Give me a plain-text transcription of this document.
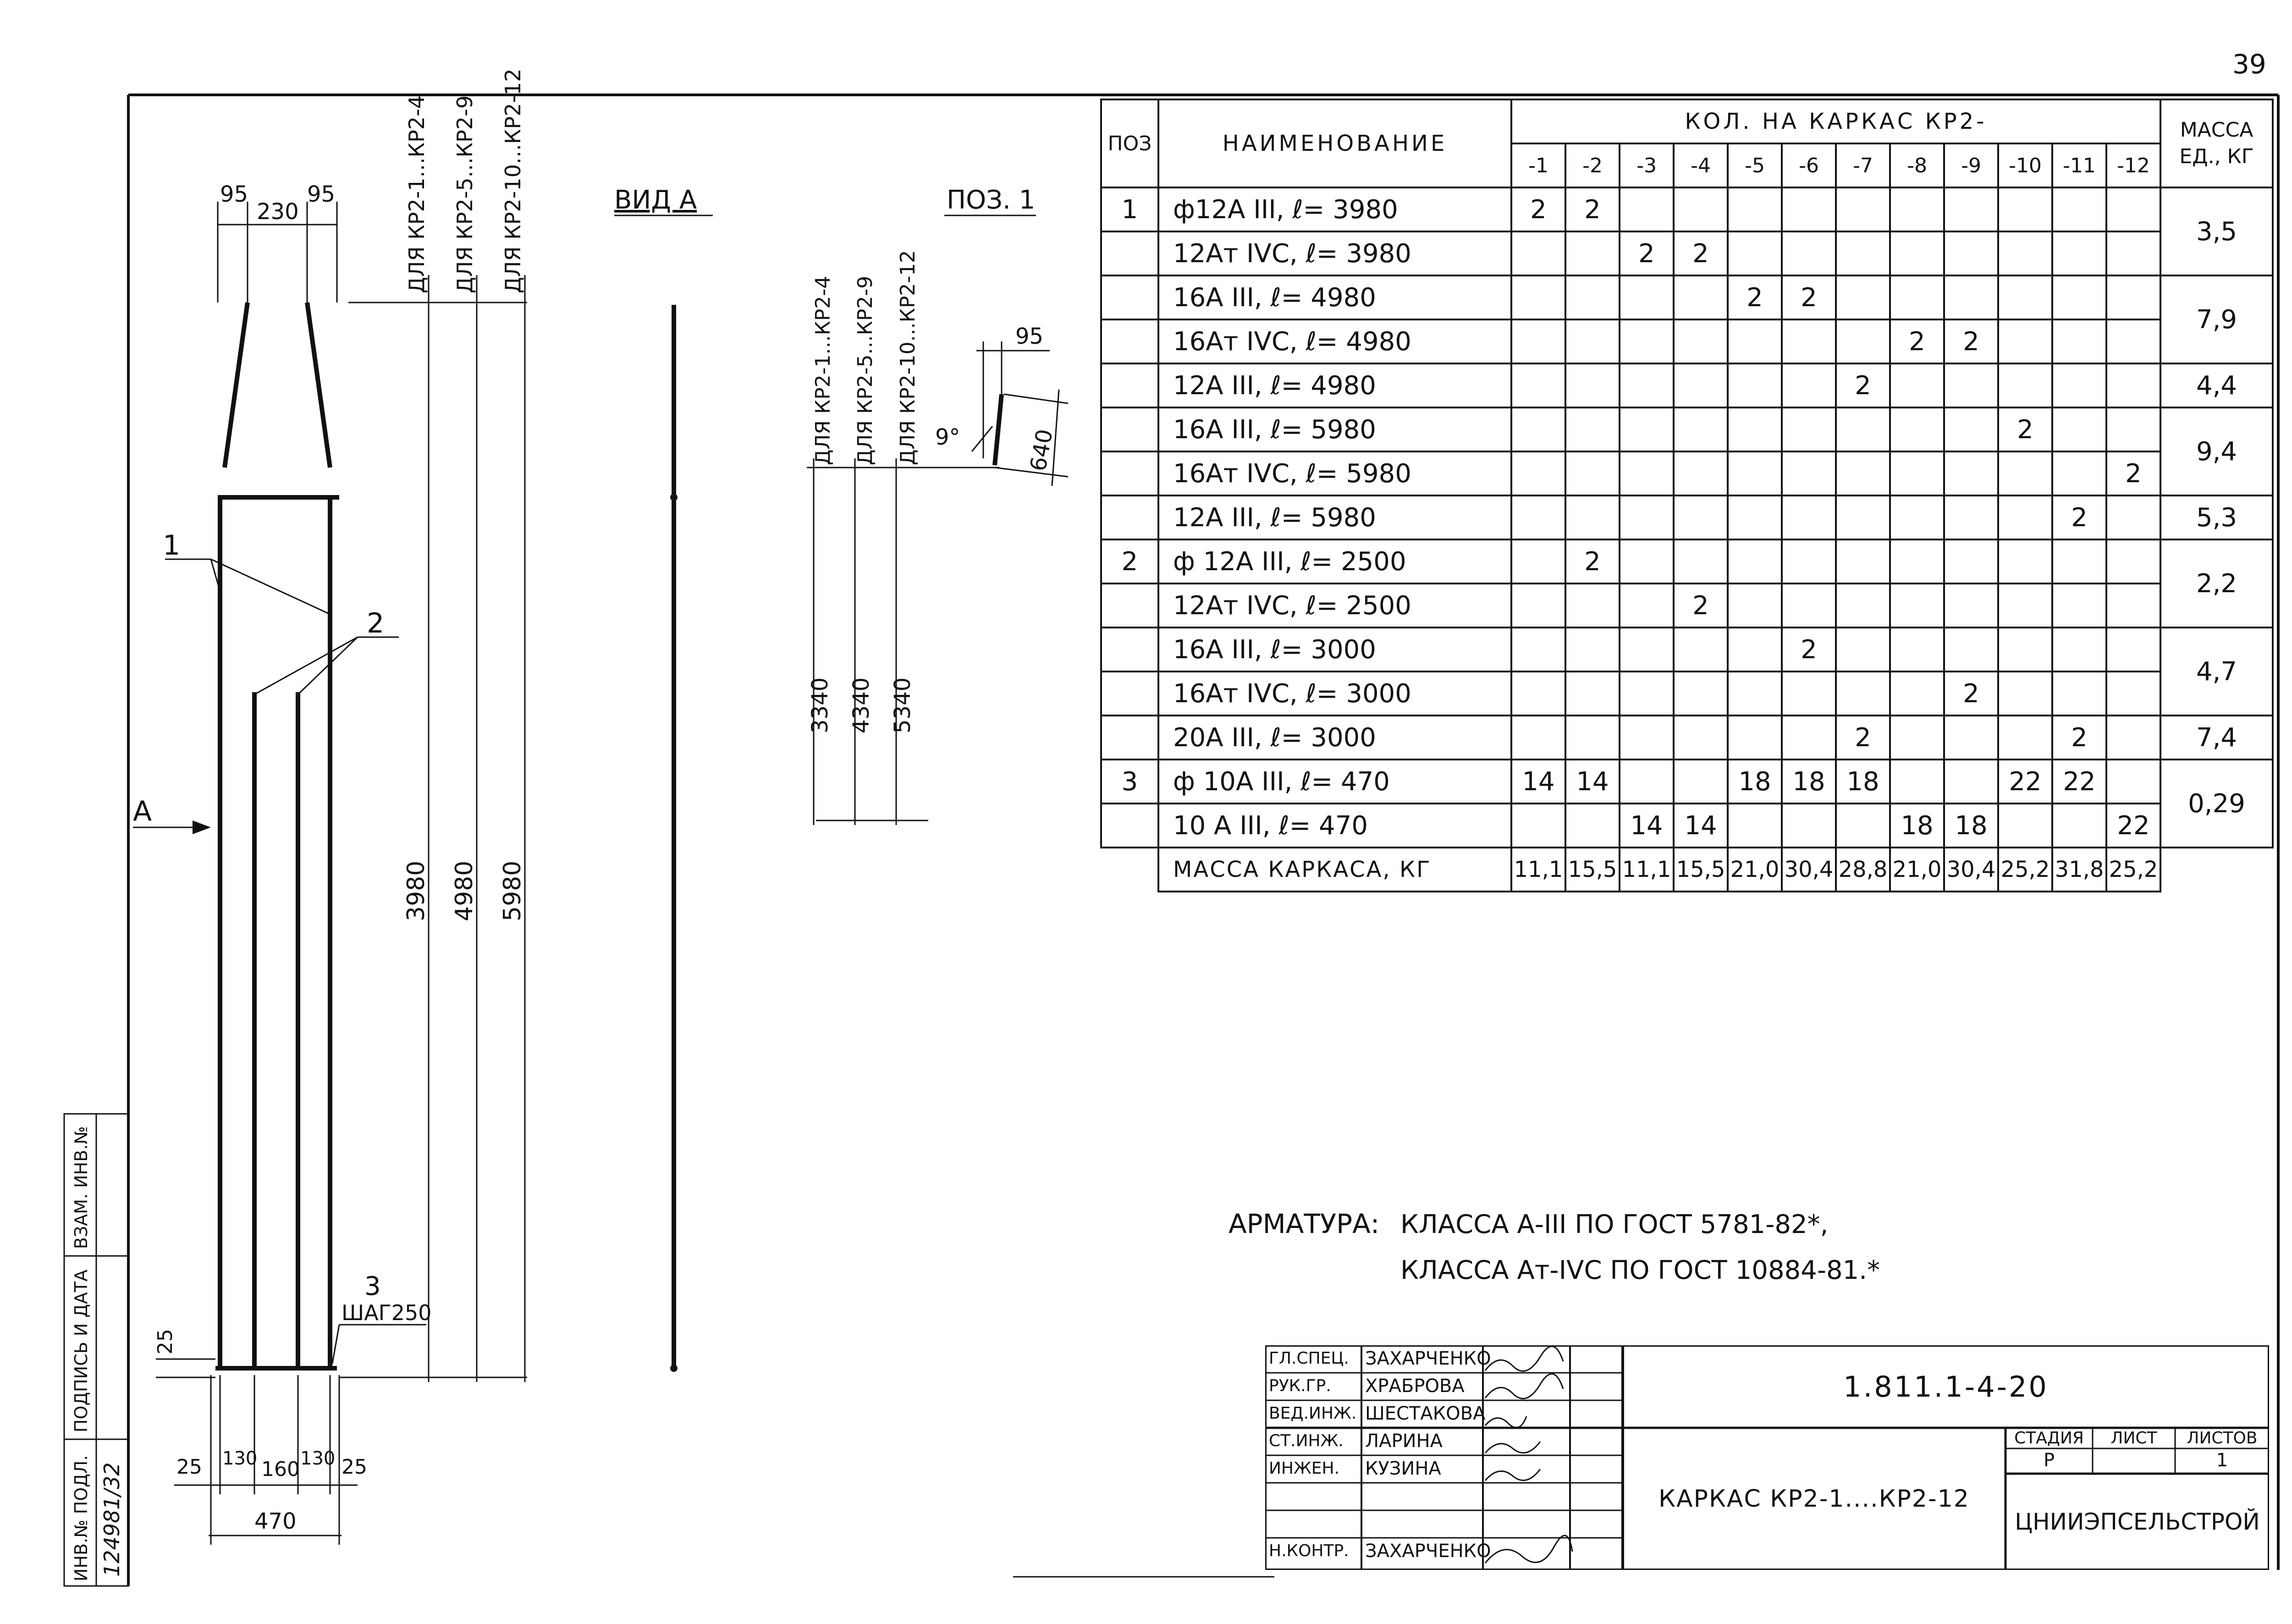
39
95
230
95
1
2
А
3
ШАГ250
ДЛЯ КР2-1...КР2-4 ДЛЯ КР2-5...КР2-9 ДЛЯ КР2-10...КР2-12
3980 4980 5980
25
25 130 160 130 25
470
ВИД А	ПОЗ. 1
ДЛЯ КР2-1...КР2-4 ДЛЯ КР2-5...КР2-9 ДЛЯ КР2-10...КР2-12
3340 4340 5340
95
9°	640
АРМАТУРА: КЛАССА А-III ПО ГОСТ 5781-82*,
КЛАССА Ат-IVС ПО ГОСТ 10884-81.*
ИНВ.№ ПОДЛ. 124981/32
ПОДПИСЬ И ДАТА
ВЗАМ. ИНВ.№
ПОЗ	НАИМЕНОВАНИЕ	КОЛ. НА КАРКАС КР2-												МАССА ЕД., КГ
		-1	-2	-3	-4	-5	-6	-7	-8	-9	-10	-11	-12	
1	ф12А III, ℓ= 3980	2	2											3,5
	12Ат IVC, ℓ= 3980			2	2									
	16А III, ℓ= 4980					2	2							7,9
	16Ат IVC, ℓ= 4980								2	2				
	12А III, ℓ= 4980							2						4,4
	16А III, ℓ= 5980										2			9,4
	16Ат IVC, ℓ= 5980												2	
	12А III, ℓ= 5980											2		5,3
2	ф 12А III, ℓ= 2500		2											2,2
	12Ат IVC, ℓ= 2500				2									
	16А III, ℓ= 3000						2							4,7
	16Ат IVC, ℓ= 3000									2				
	20А III, ℓ= 3000							2				2		7,4
3	ф 10А III, ℓ= 470	14	14			18	18	18			22	22		0,29
	10 А III, ℓ= 470			14	14				18	18			22	
	МАССА КАРКАСА, КГ	11,1	15,5	11,1	15,5	21,0	30,4	28,8	21,0	30,4	25,2	31,8	25,2	
ГЛ.СПЕЦ. ЗАХАРЧЕНКО
РУК.ГР.	ХРАБРОВА
ВЕД.ИНЖ. ШЕСТАКОВА
СТ.ИНЖ.	ЛАРИНА
ИНЖЕН.	КУЗИНА
Н.КОНТР. ЗАХАРЧЕНКО
1.811.1-4-20
КАРКАС КР2-1....КР2-12
СТАДИЯ	ЛИСТ	ЛИСТОВ
Р	1
ЦНИИЭПСЕЛЬСТРОЙ
